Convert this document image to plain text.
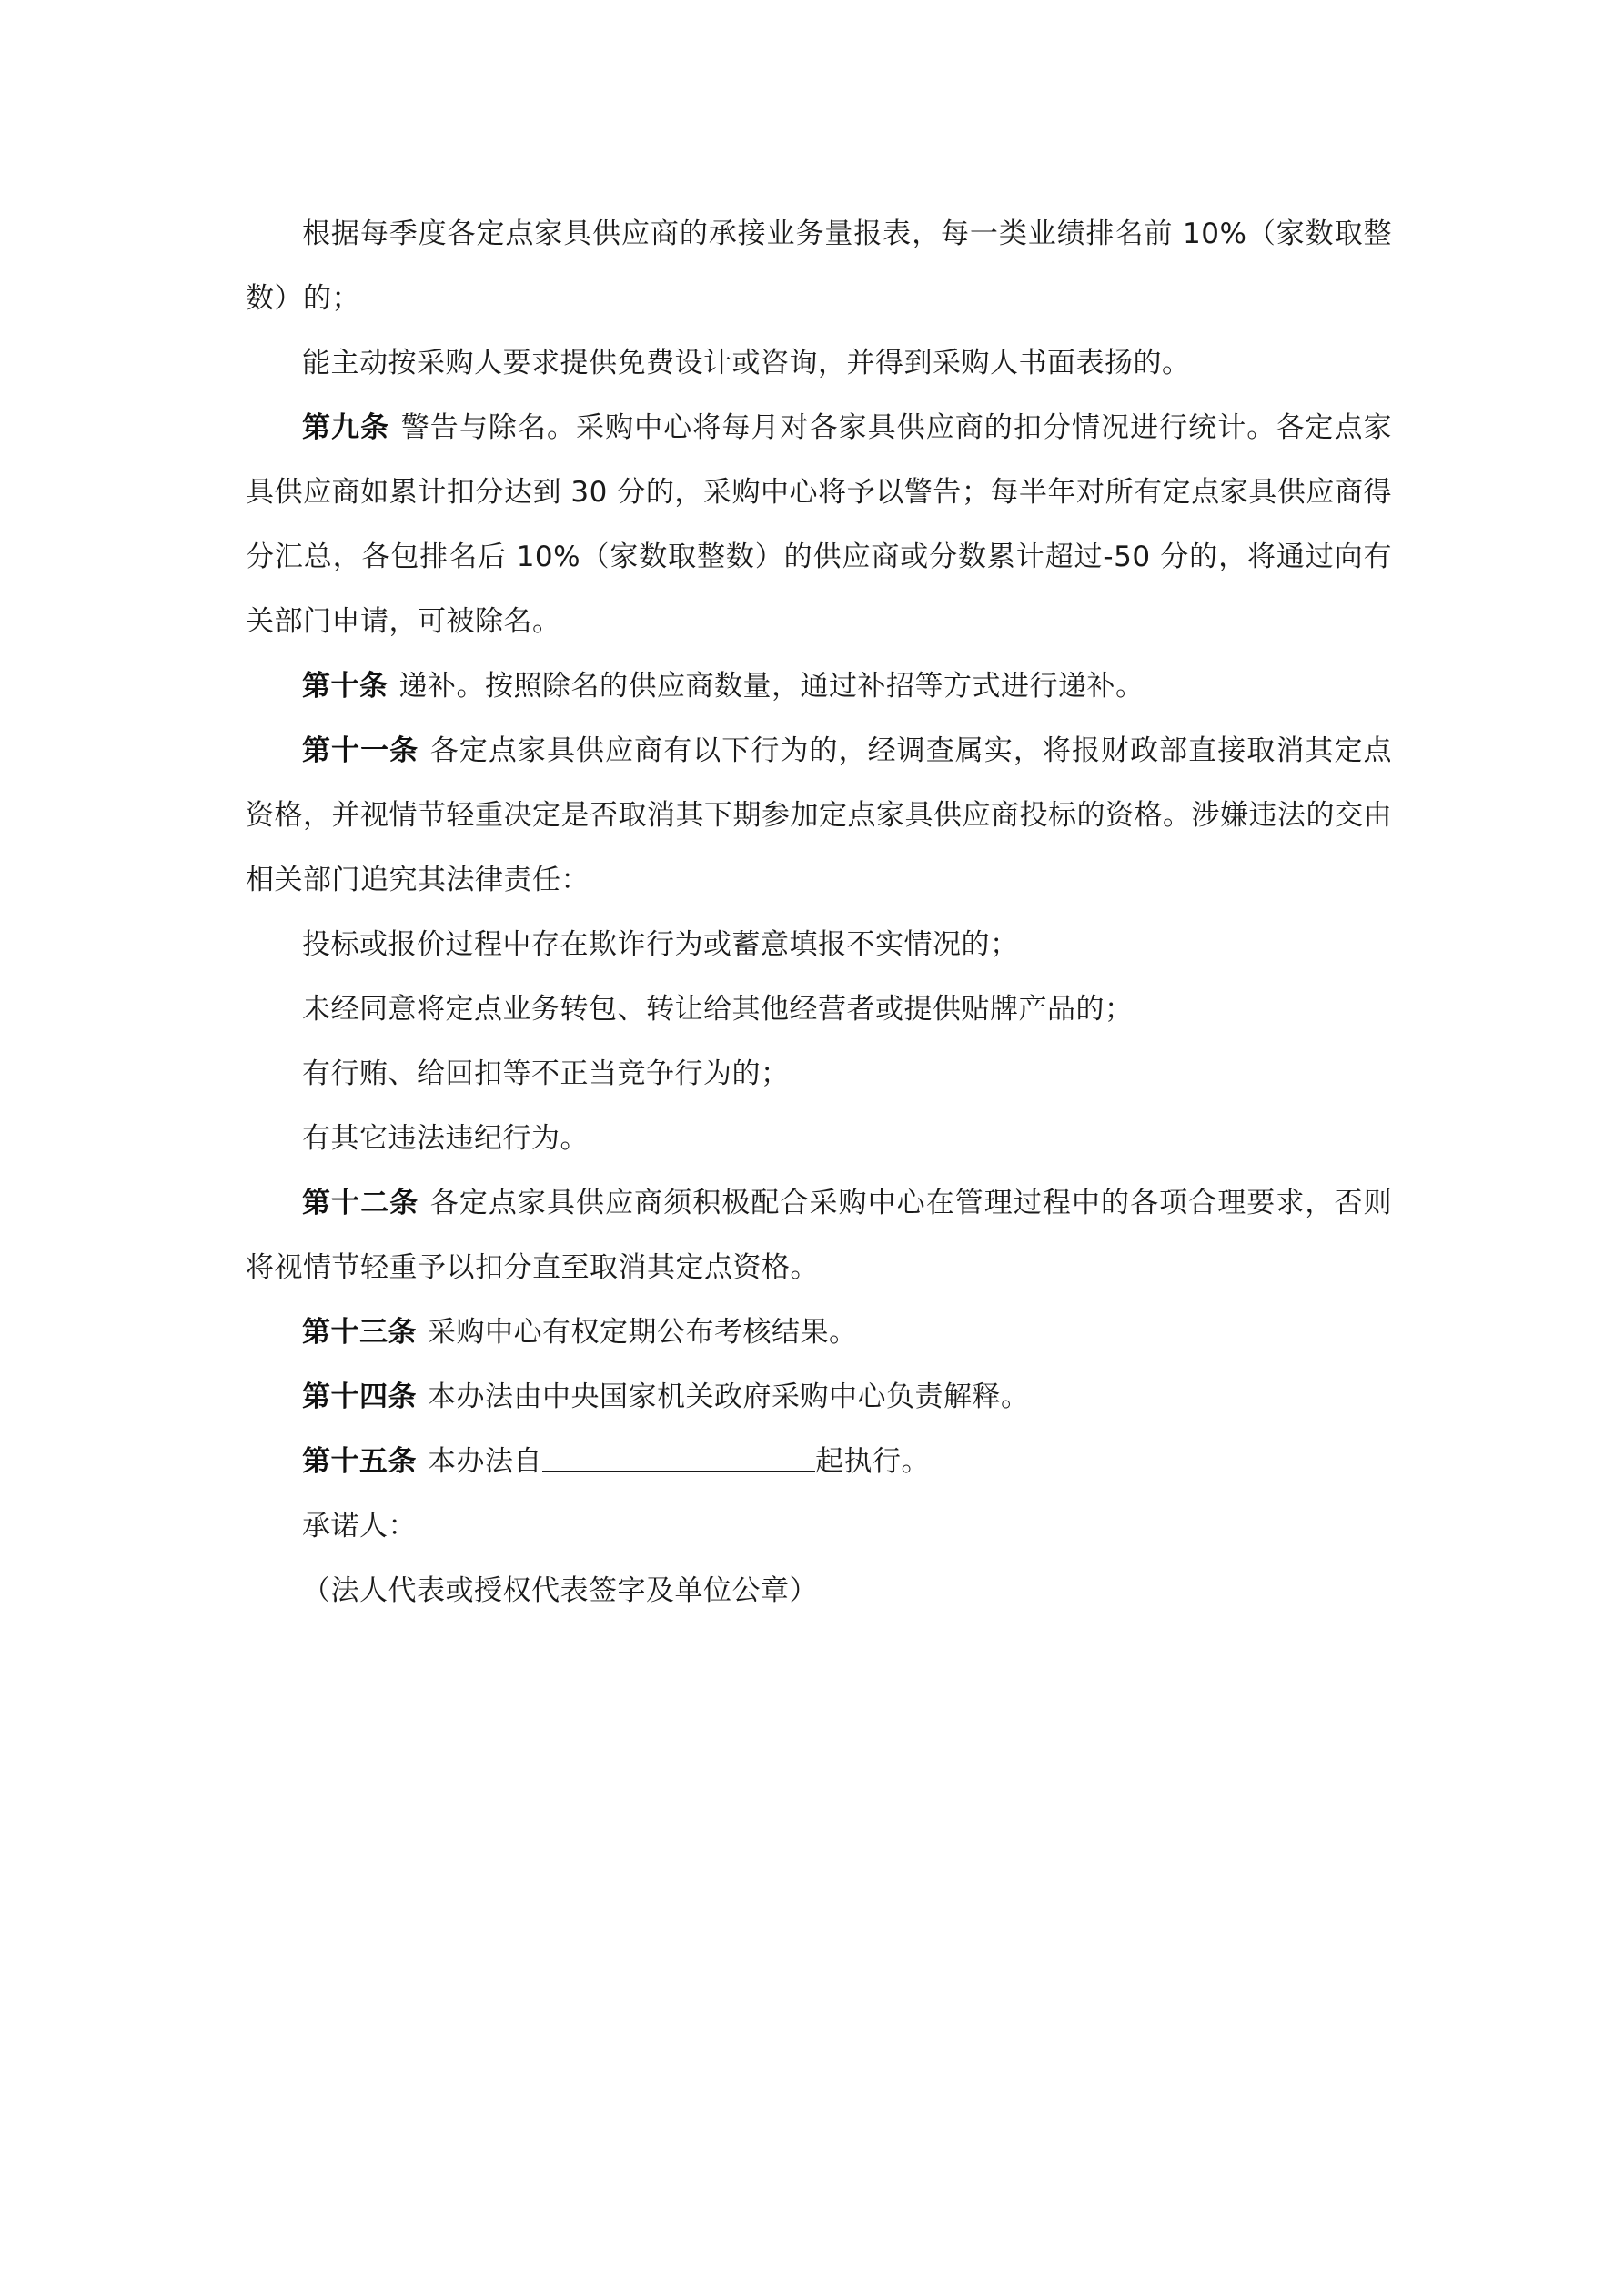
根据每季度各定点家具供应商的承接业务量报表，每一类业绩排名前 10%（家数取整数）的；

能主动按采购人要求提供免费设计或咨询，并得到采购人书面表扬的。

第九条 警告与除名。采购中心将每月对各家具供应商的扣分情况进行统计。各定点家具供应商如累计扣分达到 30 分的，采购中心将予以警告；每半年对所有定点家具供应商得分汇总，各包排名后 10%（家数取整数）的供应商或分数累计超过-50 分的，将通过向有关部门申请，可被除名。

第十条 递补。按照除名的供应商数量，通过补招等方式进行递补。

第十一条 各定点家具供应商有以下行为的，经调查属实，将报财政部直接取消其定点资格，并视情节轻重决定是否取消其下期参加定点家具供应商投标的资格。涉嫌违法的交由相关部门追究其法律责任：

投标或报价过程中存在欺诈行为或蓄意填报不实情况的；

未经同意将定点业务转包、转让给其他经营者或提供贴牌产品的；

有行贿、给回扣等不正当竞争行为的；

有其它违法违纪行为。

第十二条 各定点家具供应商须积极配合采购中心在管理过程中的各项合理要求，否则将视情节轻重予以扣分直至取消其定点资格。

第十三条 采购中心有权定期公布考核结果。

第十四条 本办法由中央国家机关政府采购中心负责解释。

第十五条 本办法自	起执行。

承诺人：

（法人代表或授权代表签字及单位公章）
